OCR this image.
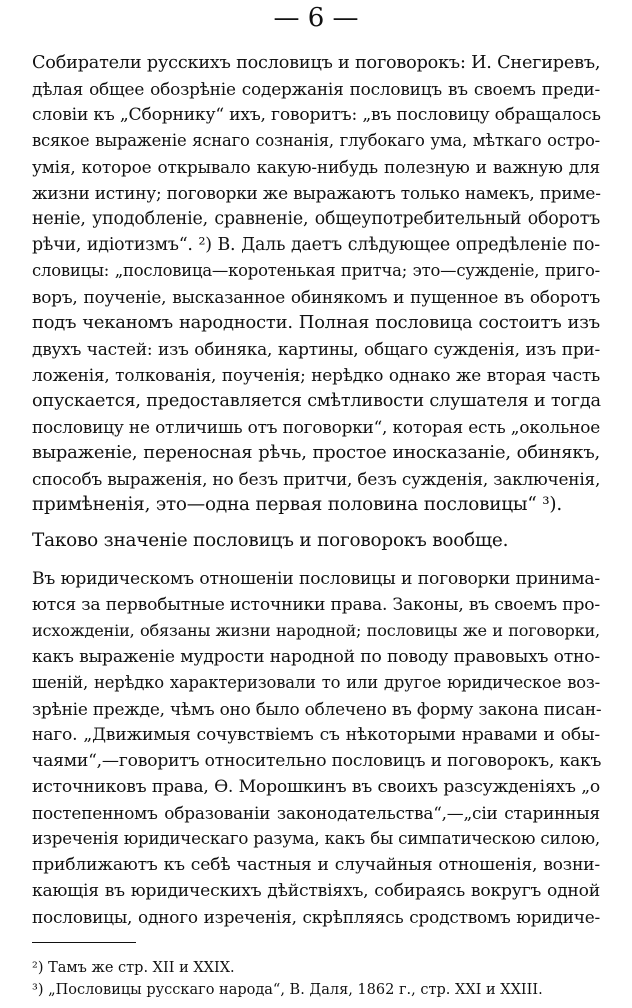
— 6 —
Собиратели русскихъ пословицъ и поговорокъ: И. Снегиревъ,
дѣлая общее обозрѣніе содержанія пословицъ въ своемъ преди-
словіи къ „Сборнику“ ихъ, говоритъ: „въ пословицу обращалось
всякое выраженіе яснаго сознанія, глубокаго ума, мѣткаго остро-
умія, которое открывало какую-нибудь полезную и важную для
жизни истину; поговорки же выражаютъ только намекъ, приме-
неніе, уподобленіе, сравненіе, общеупотребительный оборотъ
рѣчи, идіотизмъ“. ²) В. Даль даетъ слѣдующее опредѣленіе по-
словицы: „пословица—коротенькая притча; это—сужденіе, приго-
воръ, поученіе, высказанное обинякомъ и пущенное въ оборотъ
подъ чеканомъ народности. Полная пословица состоитъ изъ
двухъ частей: изъ обиняка, картины, общаго сужденія, изъ при-
ложенія, толкованія, поученія; нерѣдко однако же вторая часть
опускается, предоставляется смѣтливости слушателя и тогда
пословицу не отличишь отъ поговорки“, которая есть „окольное
выраженіе, переносная рѣчь, простое иносказаніе, обинякъ,
способъ выраженія, но безъ притчи, безъ сужденія, заключенія,
примѣненія, это—одна первая половина пословицы“ ³).
Таково значеніе пословицъ и поговорокъ вообще.
Въ юридическомъ отношеніи пословицы и поговорки принима-
ются за первобытные источники права. Законы, въ своемъ про-
исхожденіи, обязаны жизни народной; пословицы же и поговорки,
какъ выраженіе мудрости народной по поводу правовыхъ отно-
шеній, нерѣдко характеризовали то или другое юридическое воз-
зрѣніе прежде, чѣмъ оно было облечено въ форму закона писан-
наго. „Движимыя сочувствіемъ съ нѣкоторыми нравами и обы-
чаями“,—говоритъ относительно пословицъ и поговорокъ, какъ
источниковъ права, Ѳ. Морошкинъ въ своихъ разсужденіяхъ „о
постепенномъ образованіи законодательства“,—„сіи старинныя
изреченія юридическаго разума, какъ бы симпатическою силою,
приближаютъ къ себѣ частныя и случайныя отношенія, возни-
кающія въ юридическихъ дѣйствіяхъ, собираясь вокругъ одной
пословицы, одного изреченія, скрѣпляясь сродствомъ юридиче-
²) Тамъ же стр. XII и XXIX.
³) „Пословицы русскаго народа“, В. Даля, 1862 г., стр. XXI и XXIII.
